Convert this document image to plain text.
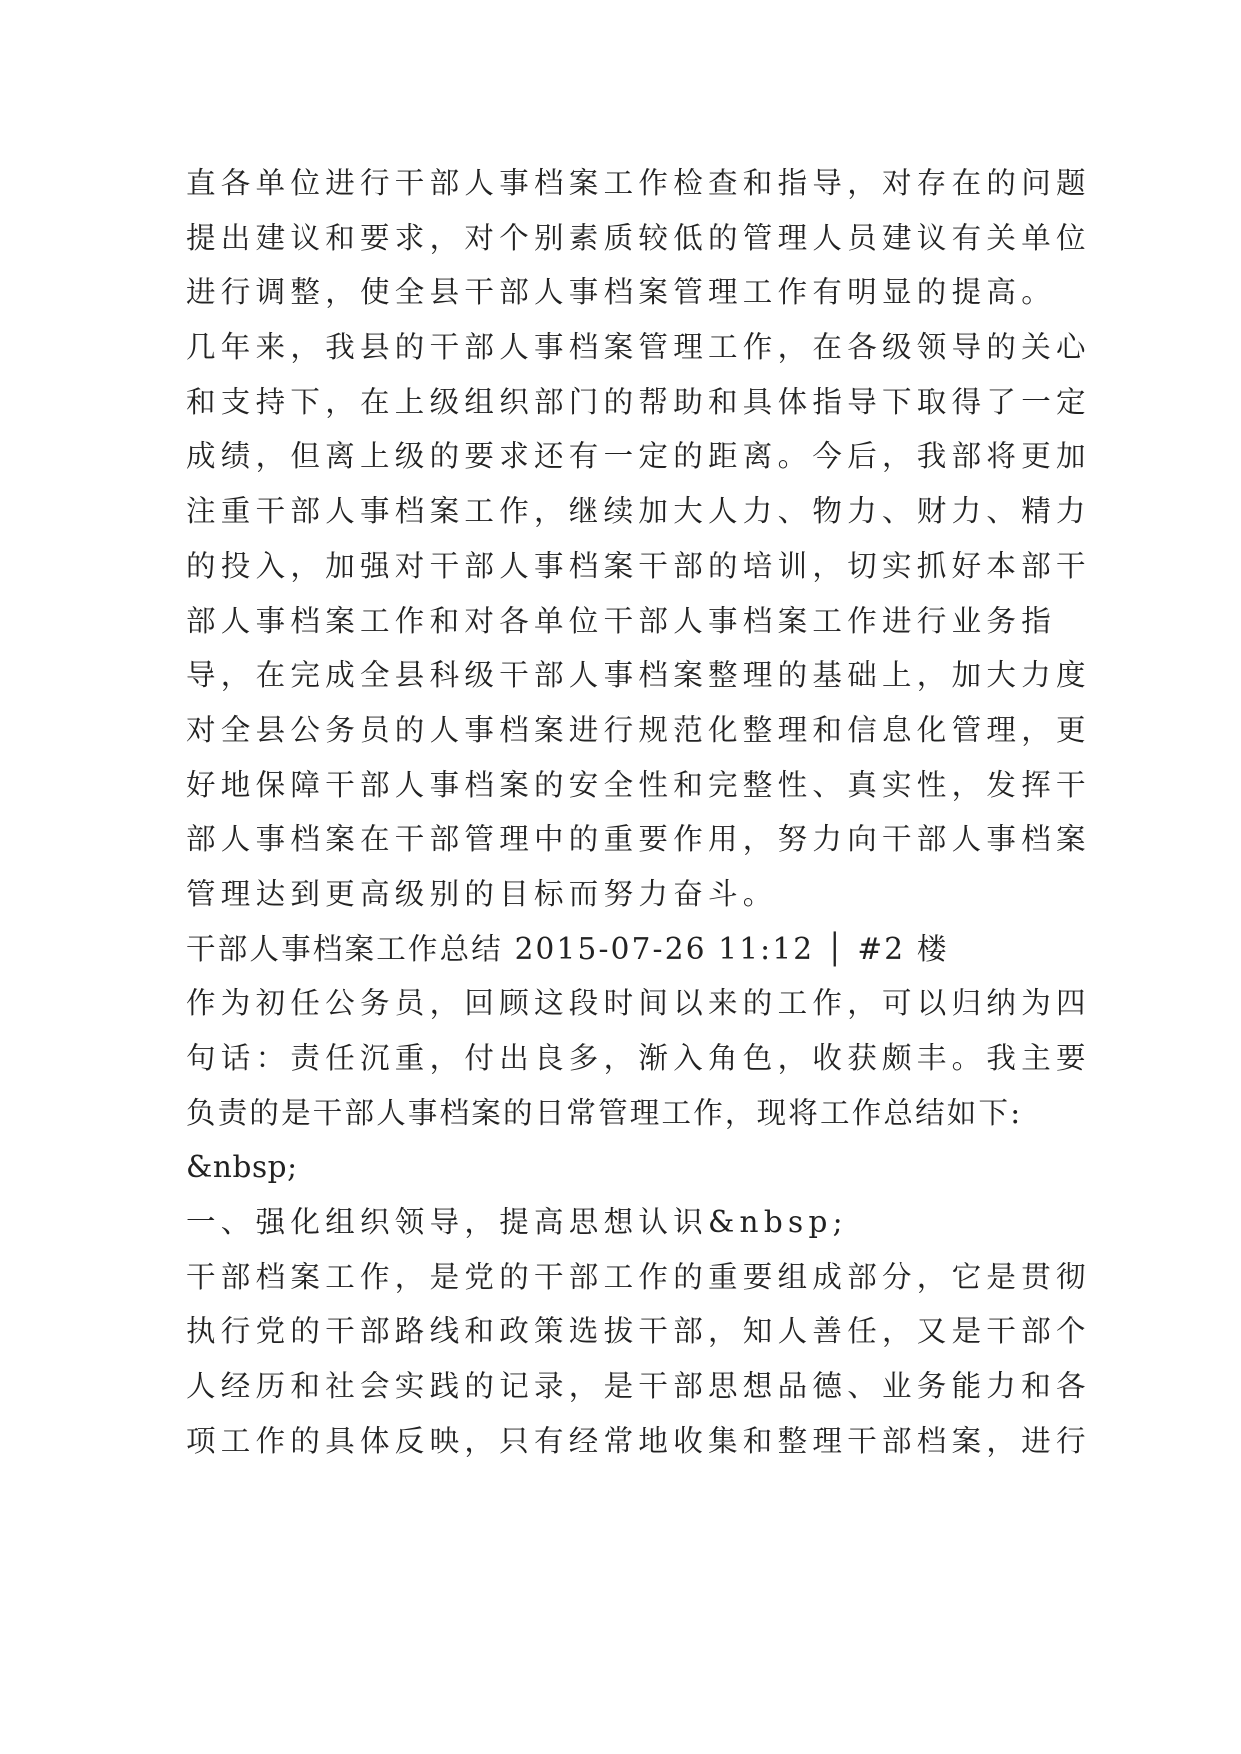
直各单位进行干部人事档案工作检查和指导，对存在的问题
提出建议和要求，对个别素质较低的管理人员建议有关单位
进行调整，使全县干部人事档案管理工作有明显的提高。
几年来，我县的干部人事档案管理工作，在各级领导的关心
和支持下，在上级组织部门的帮助和具体指导下取得了一定
成绩，但离上级的要求还有一定的距离。今后，我部将更加
注重干部人事档案工作，继续加大人力、物力、财力、精力
的投入，加强对干部人事档案干部的培训，切实抓好本部干
部人事档案工作和对各单位干部人事档案工作进行业务指
导，在完成全县科级干部人事档案整理的基础上，加大力度
对全县公务员的人事档案进行规范化整理和信息化管理，更
好地保障干部人事档案的安全性和完整性、真实性，发挥干
部人事档案在干部管理中的重要作用，努力向干部人事档案
管理达到更高级别的目标而努力奋斗。
干部人事档案工作总结 2015-07-26 11:12 │ #2 楼
作为初任公务员，回顾这段时间以来的工作，可以归纳为四
句话：责任沉重，付出良多，渐入角色，收获颇丰。我主要
负责的是干部人事档案的日常管理工作，现将工作总结如下:
&nbsp;
一、强化组织领导，提高思想认识&nbsp;
干部档案工作，是党的干部工作的重要组成部分，它是贯彻
执行党的干部路线和政策选拔干部，知人善任，又是干部个
人经历和社会实践的记录，是干部思想品德、业务能力和各
项工作的具体反映，只有经常地收集和整理干部档案，进行
